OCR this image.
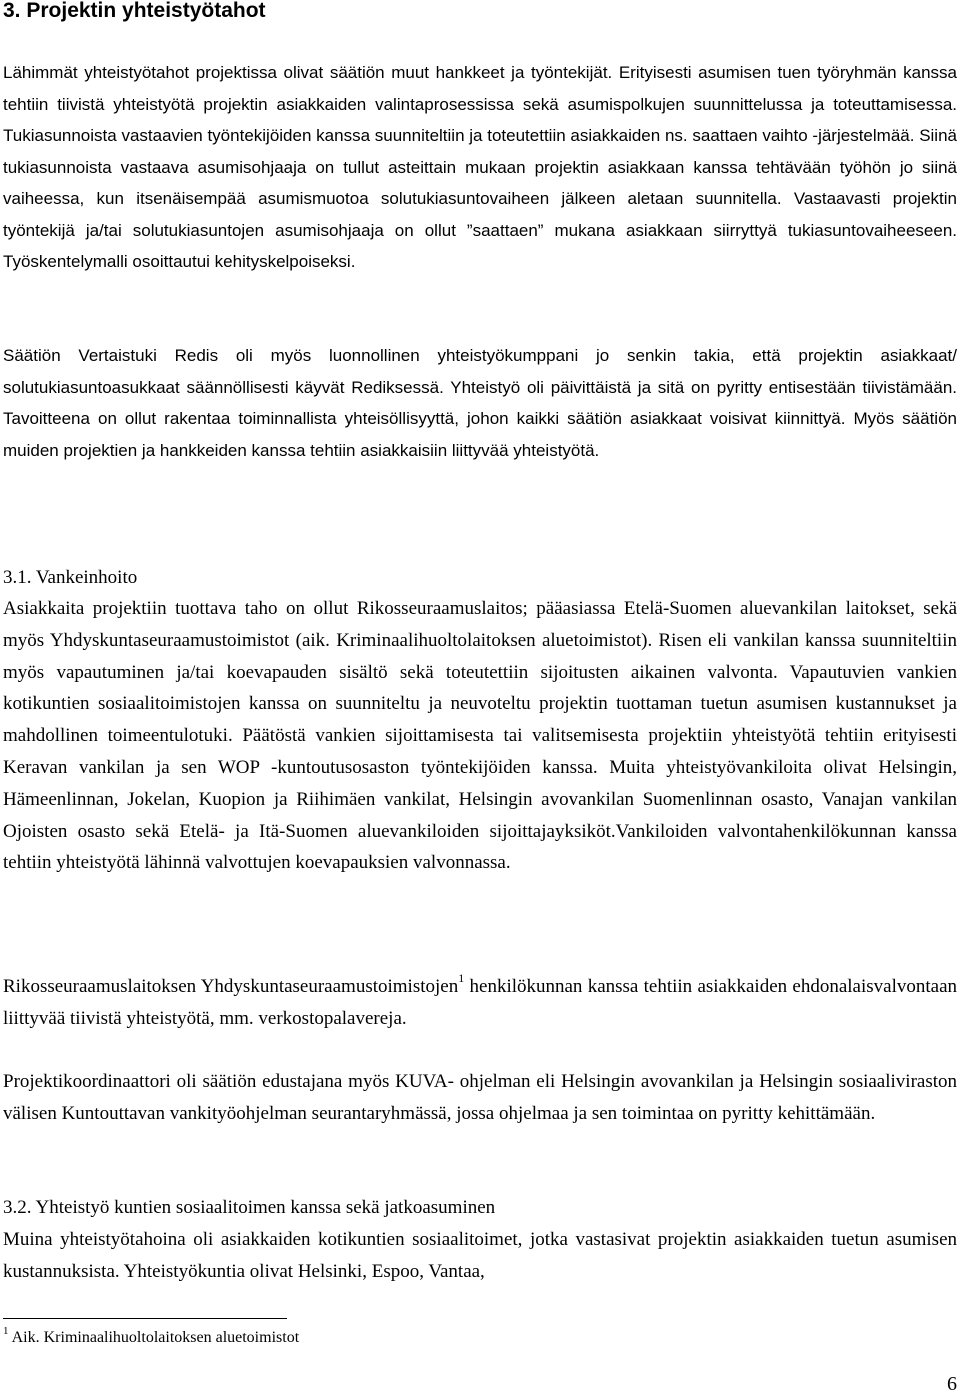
3. Projektin yhteistyötahot

Lähimmät yhteistyötahot projektissa olivat säätiön muut hankkeet ja työntekijät. Erityisesti asumisen tuen työryhmän kanssa tehtiin tiivistä yhteistyötä projektin asiakkaiden valintaprosessissa sekä asumispolkujen suunnittelussa ja toteuttamisessa. Tukiasunnoista vastaavien työntekijöiden kanssa suunniteltiin ja toteutettiin asiakkaiden ns. saattaen vaihto -järjestelmää. Siinä tukiasunnoista vastaava asumisohjaaja on tullut asteittain mukaan projektin asiakkaan kanssa tehtävään työhön jo siinä vaiheessa, kun itsenäisempää asumismuotoa solutukiasuntovaiheen jälkeen aletaan suunnitella. Vastaavasti projektin työntekijä ja/tai solutukiasuntojen asumisohjaaja on ollut ”saattaen” mukana asiakkaan siirryttyä tukiasuntovaiheeseen. Työskentelymalli osoittautui kehityskelpoiseksi.

Säätiön Vertaistuki Redis oli myös luonnollinen yhteistyökumppani jo senkin takia, että projektin asiakkaat/ solutukiasuntoasukkaat säännöllisesti käyvät Rediksessä. Yhteistyö oli päivittäistä ja sitä on pyritty entisestään tiivistämään. Tavoitteena on ollut rakentaa toiminnallista yhteisöllisyyttä, johon kaikki säätiön asiakkaat voisivat kiinnittyä. Myös säätiön muiden projektien ja hankkeiden kanssa tehtiin asiakkaisiin liittyvää yhteistyötä.

3.1. Vankeinhoito

Asiakkaita projektiin tuottava taho on ollut Rikosseuraamuslaitos; pääasiassa Etelä-Suomen aluevankilan laitokset, sekä myös Yhdyskuntaseuraamustoimistot (aik. Kriminaalihuoltolaitoksen aluetoimistot). Risen eli vankilan kanssa suunniteltiin myös vapautuminen ja/tai koevapauden sisältö sekä toteutettiin sijoitusten aikainen valvonta. Vapautuvien vankien kotikuntien sosiaalitoimistojen kanssa on suunniteltu ja neuvoteltu projektin tuottaman tuetun asumisen kustannukset ja mahdollinen toimeentulotuki. Päätöstä vankien sijoittamisesta tai valitsemisesta projektiin yhteistyötä tehtiin erityisesti Keravan vankilan ja sen WOP -kuntoutusosaston työntekijöiden kanssa. Muita yhteistyövankiloita olivat Helsingin, Hämeenlinnan, Jokelan, Kuopion ja Riihimäen vankilat, Helsingin avovankilan Suomenlinnan osasto, Vanajan vankilan Ojoisten osasto sekä Etelä- ja Itä-Suomen aluevankiloiden sijoittajayksiköt.Vankiloiden valvontahenkilökunnan kanssa tehtiin yhteistyötä lähinnä valvottujen koevapauksien valvonnassa.

Rikosseuraamuslaitoksen Yhdyskuntaseuraamustoimistojen$^1$ henkilökunnan kanssa tehtiin asiakkaiden ehdonalaisvalvontaan liittyvää tiivistä yhteistyötä, mm. verkostopalavereja.

Projektikoordinaattori oli säätiön edustajana myös KUVA- ohjelman eli Helsingin avovankilan ja Helsingin sosiaaliviraston välisen Kuntouttavan vankityöohjelman seurantaryhmässä, jossa ohjelmaa ja sen toimintaa on pyritty kehittämään.

3.2. Yhteistyö kuntien sosiaalitoimen kanssa sekä jatkoasuminen

Muina yhteistyötahoina oli asiakkaiden kotikuntien sosiaalitoimet, jotka vastasivat projektin asiakkaiden tuetun asumisen kustannuksista. Yhteistyökuntia olivat Helsinki, Espoo, Vantaa,

$^1$ Aik. Kriminaalihuoltolaitoksen aluetoimistot

6
